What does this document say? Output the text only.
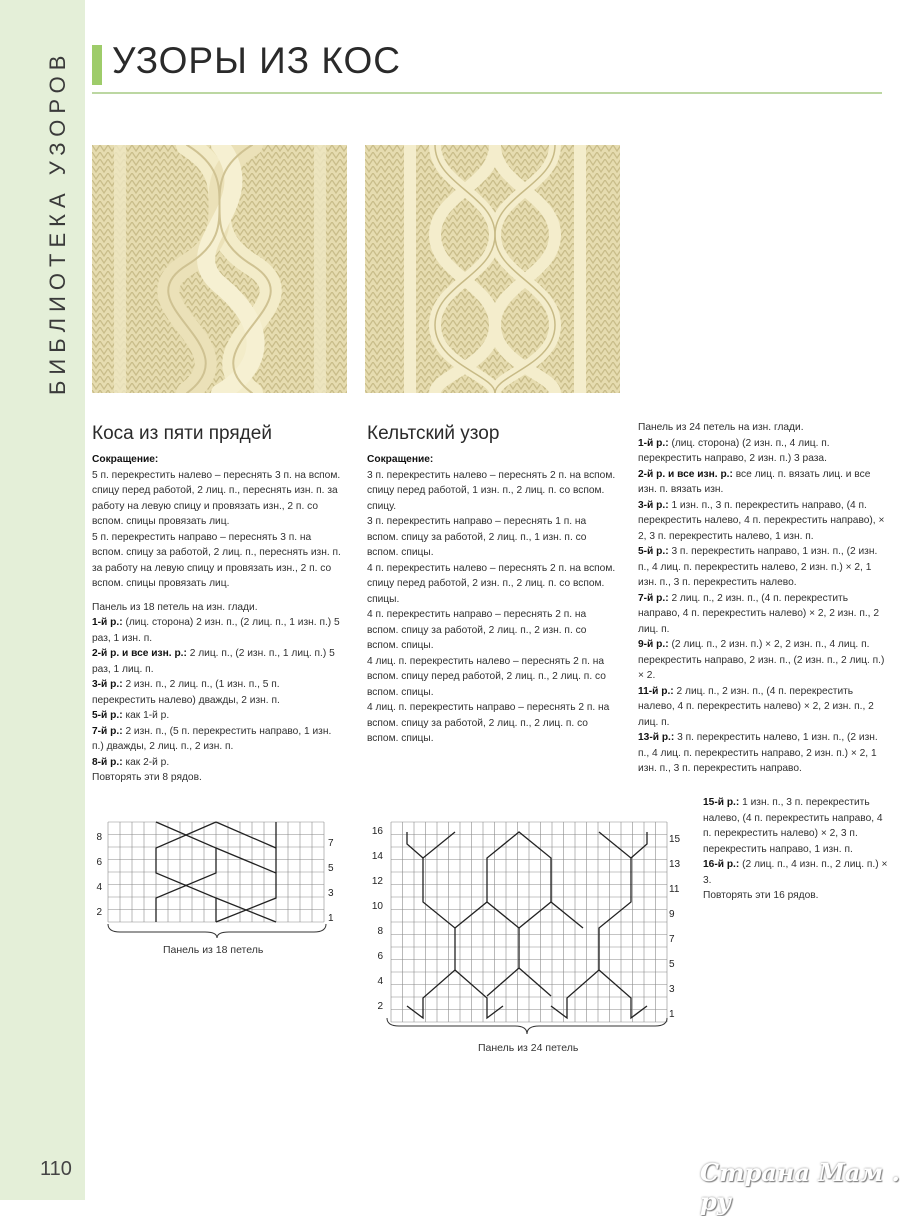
БИБЛИОТЕКА УЗОРОВ УЗОРЫ ИЗ КОС
Коса из пяти прядей

Сокращение:

5 п. перекрестить налево – переснять 3 п. на вспом. спицу перед работой, 2 лиц. п., переснять изн. п. за работу на левую спицу и провязать изн., 2 п. со вспом. спицы провязать лиц.

5 п. перекрестить направо – переснять 3 п. на вспом. спицу за работой, 2 лиц. п., переснять изн. п. за работу на левую спицу и провязать изн., 2 п. со вспом. спицы провязать лиц.

Панель из 18 петель на изн. глади.

1-й р.: (лиц. сторона) 2 изн. п., (2 лиц. п., 1 изн. п.) 5 раз, 1 изн. п.

2-й р. и все изн. р.: 2 лиц. п., (2 изн. п., 1 лиц. п.) 5 раз, 1 лиц. п.

3-й р.: 2 изн. п., 2 лиц. п., (1 изн. п., 5 п. перекрестить налево) дважды, 2 изн. п.

5-й р.: как 1-й р.

7-й р.: 2 изн. п., (5 п. перекрестить направо, 1 изн. п.) дважды, 2 лиц. п., 2 изн. п.

8-й р.: как 2-й р.

Повторять эти 8 рядов.

8
6
4
2
7
5
3
1
Панель из 18 петель
Кельтский узор

Сокращение:

3 п. перекрестить налево – переснять 2 п. на вспом. спицу перед работой, 1 изн. п., 2 лиц. п. со вспом. спицу.

3 п. перекрестить направо – переснять 1 п. на вспом. спицу за работой, 2 лиц. п., 1 изн. п. со вспом. спицы.

4 п. перекрестить налево – переснять 2 п. на вспом. спицу перед работой, 2 изн. п., 2 лиц. п. со вспом. спицы.

4 п. перекрестить направо – переснять 2 п. на вспом. спицу за работой, 2 лиц. п., 2 изн. п. со вспом. спицы.

4 лиц. п. перекрестить налево – переснять 2 п. на вспом. спицу перед работой, 2 лиц. п., 2 лиц. п. со вспом. спицы.

4 лиц. п. перекрестить направо – переснять 2 п. на вспом. спицу за работой, 2 лиц. п., 2 лиц. п. со вспом. спицы.

Панель из 24 петель на изн. глади.

1-й р.: (лиц. сторона) (2 изн. п., 4 лиц. п. перекрестить направо, 2 изн. п.) 3 раза.

2-й р. и все изн. р.: все лиц. п. вязать лиц. и все изн. п. вязать изн.

3-й р.: 1 изн. п., 3 п. перекрестить направо, (4 п. перекрестить налево, 4 п. перекрестить направо), × 2, 3 п. перекрестить налево, 1 изн. п.

5-й р.: 3 п. перекрестить направо, 1 изн. п., (2 изн. п., 4 лиц. п. перекрестить налево, 2 изн. п.) × 2, 1 изн. п., 3 п. перекрестить налево.

7-й р.: 2 лиц. п., 2 изн. п., (4 п. перекрестить направо, 4 п. перекрестить налево) × 2, 2 изн. п., 2 лиц. п.

9-й р.: (2 лиц. п., 2 изн. п.) × 2, 2 изн. п., 4 лиц. п. перекрестить направо, 2 изн. п., (2 изн. п., 2 лиц. п.) × 2.

11-й р.: 2 лиц. п., 2 изн. п., (4 п. перекрестить налево, 4 п. перекрестить налево) × 2, 2 изн. п., 2 лиц. п.

13-й р.: 3 п. перекрестить налево, 1 изн. п., (2 изн. п., 4 лиц. п. перекрестить направо, 2 изн. п.) × 2, 1 изн. п., 3 п. перекрестить направо.

15-й р.: 1 изн. п., 3 п. перекрестить налево, (4 п. перекрестить направо, 4 п. перекрестить налево) × 2, 3 п. перекрестить направо, 1 изн. п.

16-й р.: (2 лиц. п., 4 изн. п., 2 лиц. п.) × 3.

Повторять эти 16 рядов.

16
14
12
10
8
6
4
2
15
13
11
9
7
5
3
1
Панель из 24 петель
110	Страна Мам . ру
